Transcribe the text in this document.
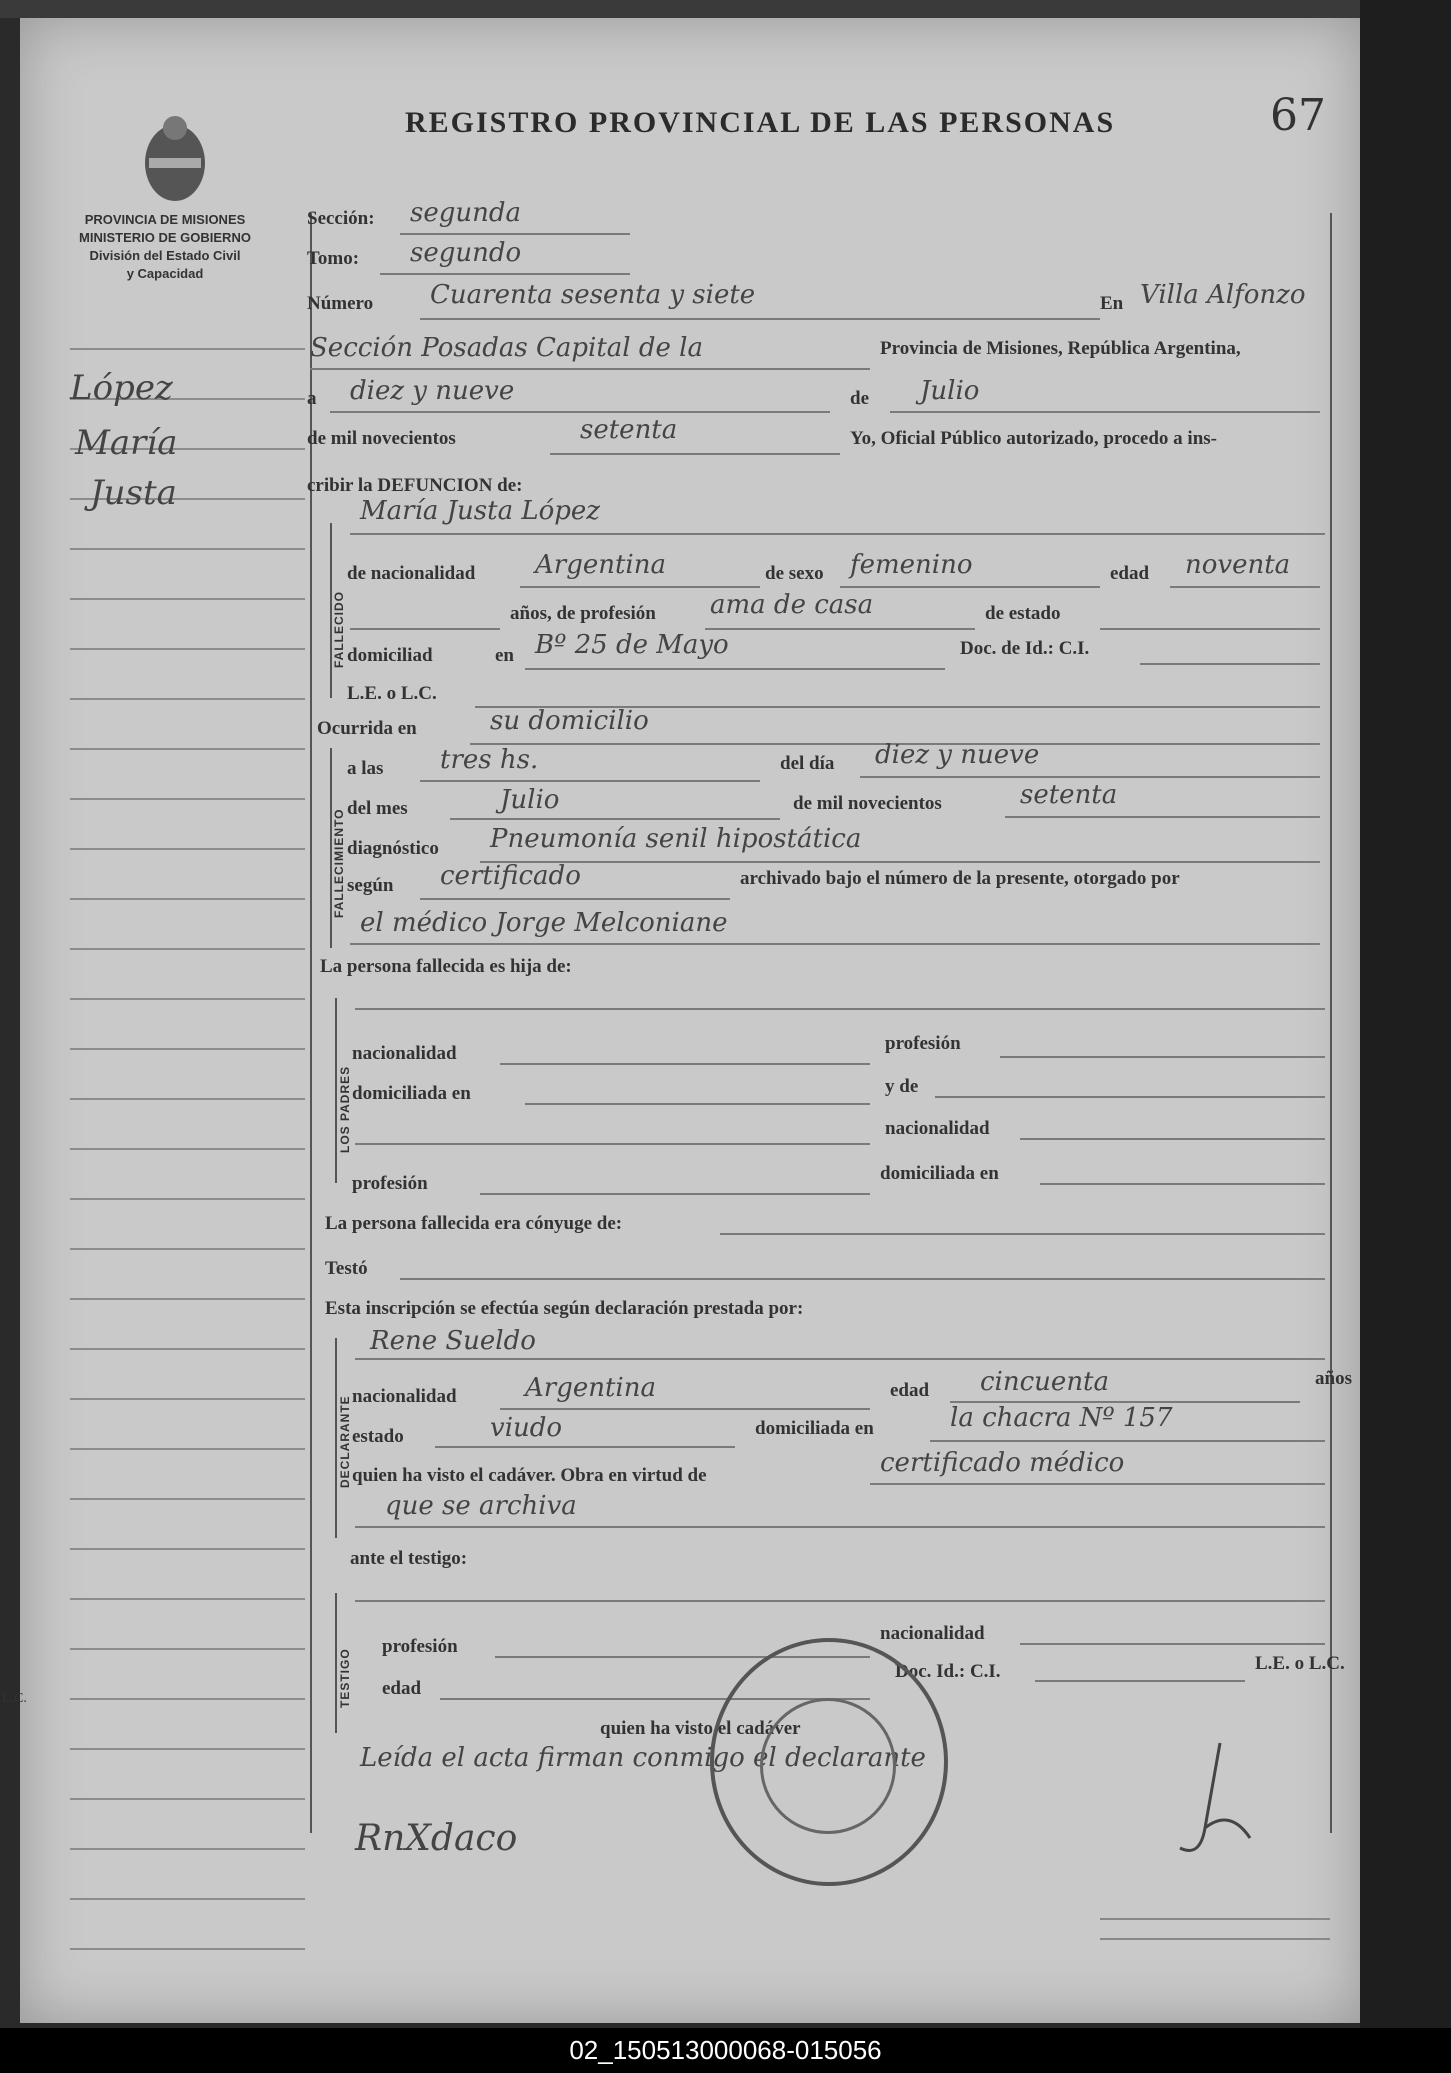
REGISTRO PROVINCIAL DE LAS PERSONAS	67
PROVINCIA DE MISIONES
MINISTERIO DE GOBIERNO
División del Estado Civil
y Capacidad
López
María
Justa
L.C.
Sección: segunda
Tomo: segundo
Número Cuarenta sesenta y siete	En Villa Alfonzo
Sección Posadas Capital de la	Provincia de Misiones, República Argentina,
a diez y nueve	de Julio
de mil novecientos	setenta	Yo, Oficial Público autorizado, procedo a ins-
cribir la DEFUNCION de:
FALLECIDO
María Justa López
de nacionalidad Argentina	de sexo femenino	edad noventa
años, de profesión ama de casa	de estado
domiciliad	en Bº 25 de Mayo	Doc. de Id.: C.I.
L.E. o L.C.
Ocurrida en	su domicilio
FALLECIMIENTO
a las tres hs.	del día diez y nueve
del mes	Julio	de mil novecientos	setenta
diagnóstico Pneumonía senil hipostática
según certificado	archivado bajo el número de la presente, otorgado por
el médico Jorge Melconiane
La persona fallecida es hija de:
LOS PADRES
nacionalidad	profesión
domiciliada en	y de
nacionalidad
profesión	domiciliada en
La persona fallecida era cónyuge de:
Testó
Esta inscripción se efectúa según declaración prestada por:
DECLARANTE
Rene Sueldo
nacionalidad	Argentina	edad cincuenta	años
estado	viudo	domiciliada en	la chacra Nº 157
quien ha visto el cadáver. Obra en virtud de	certificado médico
que se archiva
ante el testigo:
TESTIGO
profesión
nacionalidad
edad
Doc. Id.: C.I.	L.E. o L.C.
quien ha visto el cadáver
Leída el acta firman conmigo el declarante
RnXdaco
02_150513000068-015056
